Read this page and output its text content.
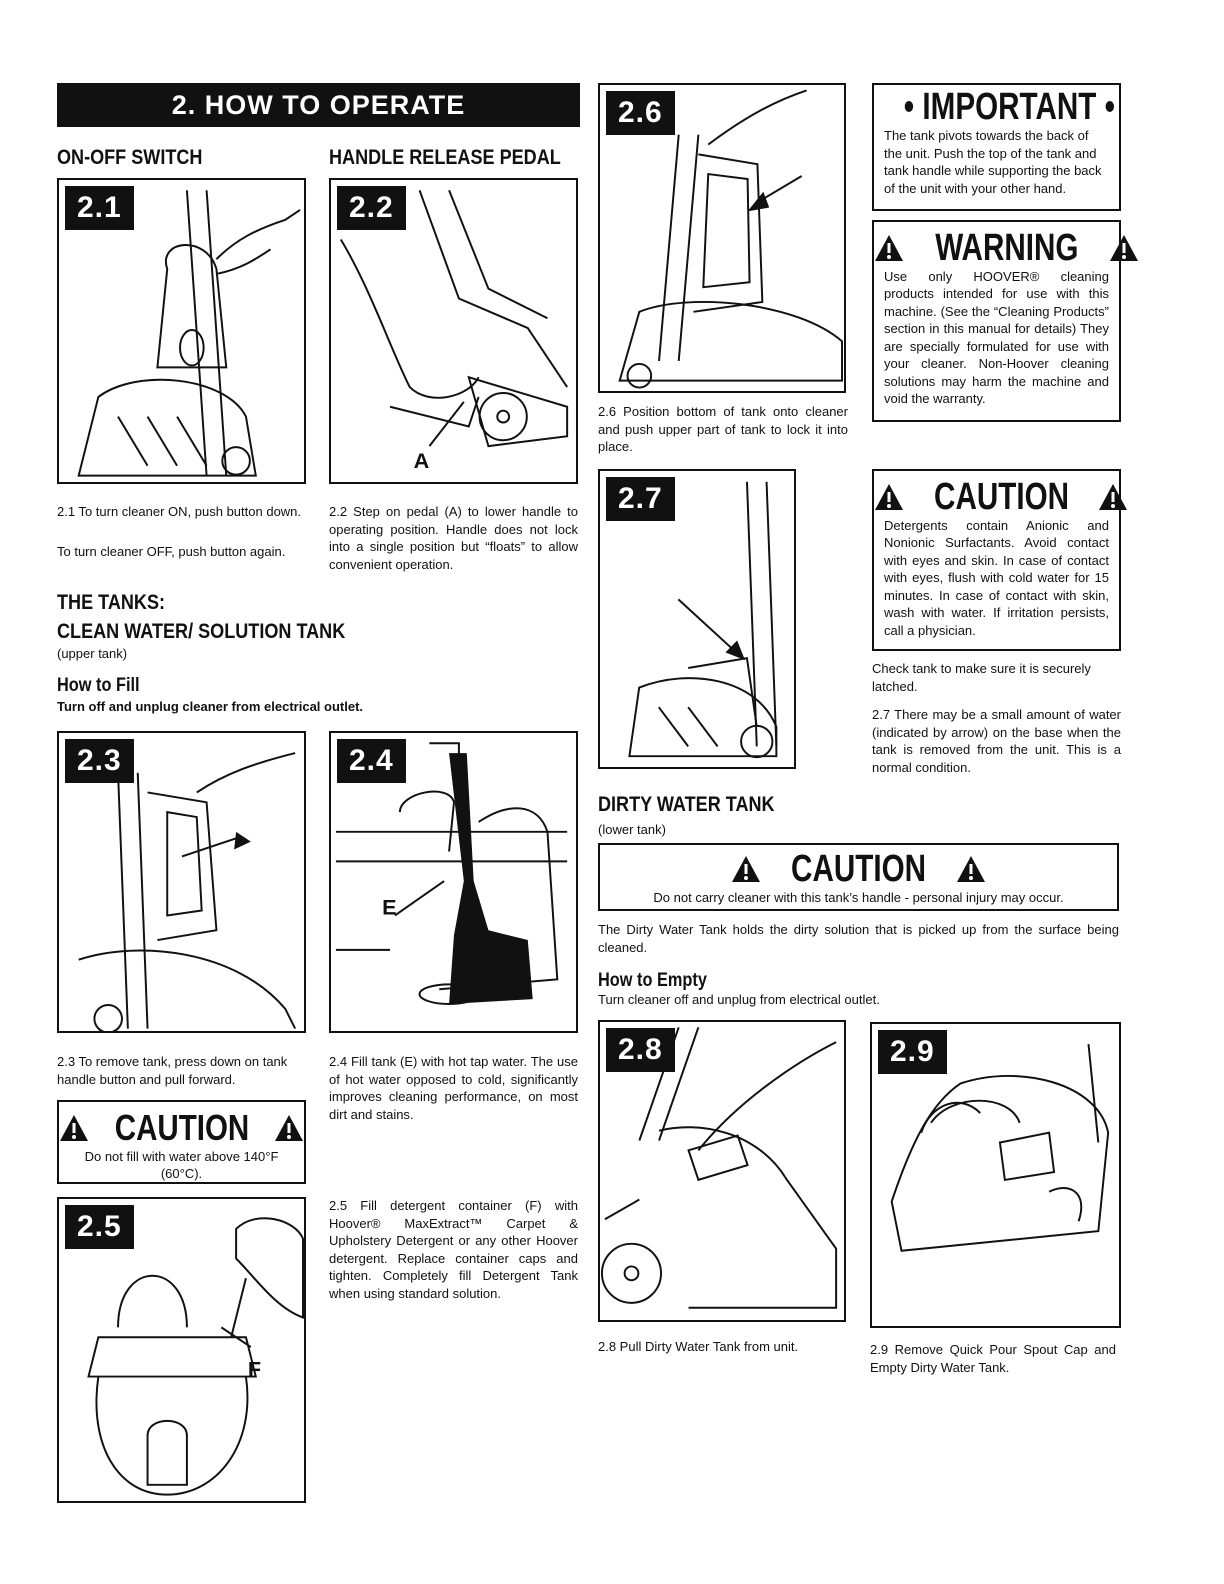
2. HOW TO OPERATE
ON-OFF SWITCH	HANDLE RELEASE PEDAL
2.1
A
2.2
2.1 To turn cleaner ON, push button down.
To turn cleaner OFF, push button again.
2.2 Step on pedal (A) to lower handle to operating position. Handle does not lock into a single position but “floats” to allow convenient operation.
THE TANKS:
CLEAN WATER/ SOLUTION TANK
(upper tank)
How to Fill
Turn off and unplug cleaner from electrical outlet.
2.3
E
2.4
2.3 To remove tank, press down on tank handle button and pull forward.
2.4 Fill tank (E) with hot tap water. The use of hot water opposed to cold, significantly improves cleaning performance, on most dirt and stains.
CAUTION
Do not fill with water above 140°F (60°C).
F
2.5
2.5 Fill detergent container (F) with Hoover® MaxExtract™ Carpet & Upholstery Detergent or any other Hoover detergent. Replace container caps and tighten. Completely fill Detergent Tank when using standard solution.
2.6
2.6 Position bottom of tank onto cleaner and push upper part of tank to lock it into place.
2.7
• IMPORTANT •
The tank pivots towards the back of the unit. Push the top of the tank and tank handle while supporting the back of the unit with your other hand.
WARNING
Use only HOOVER® cleaning products intended for use with this machine. (See the “Cleaning Products” section in this manual for details) They are specially formulated for use with your cleaner. Non-Hoover cleaning solutions may harm the machine and void the warranty.
CAUTION
Detergents contain Anionic and Nonionic Surfactants. Avoid contact with eyes and skin. In case of contact with eyes, flush with cold water for 15 minutes. In case of contact with skin, wash with water. If irritation persists, call a physician.
Check tank to make sure it is securely latched.
2.7 There may be a small amount of water (indicated by arrow) on the base when the tank is removed from the unit. This is a normal condition.
DIRTY WATER TANK
(lower tank)
CAUTION
Do not carry cleaner with this tank’s handle - personal injury may occur.
The Dirty Water Tank holds the dirty solution that is picked up from the surface being cleaned.
How to Empty
Turn cleaner off and unplug from electrical outlet.
2.8	2.9
2.8 Pull Dirty Water Tank from unit.	2.9 Remove Quick Pour Spout Cap and Empty Dirty Water Tank.
